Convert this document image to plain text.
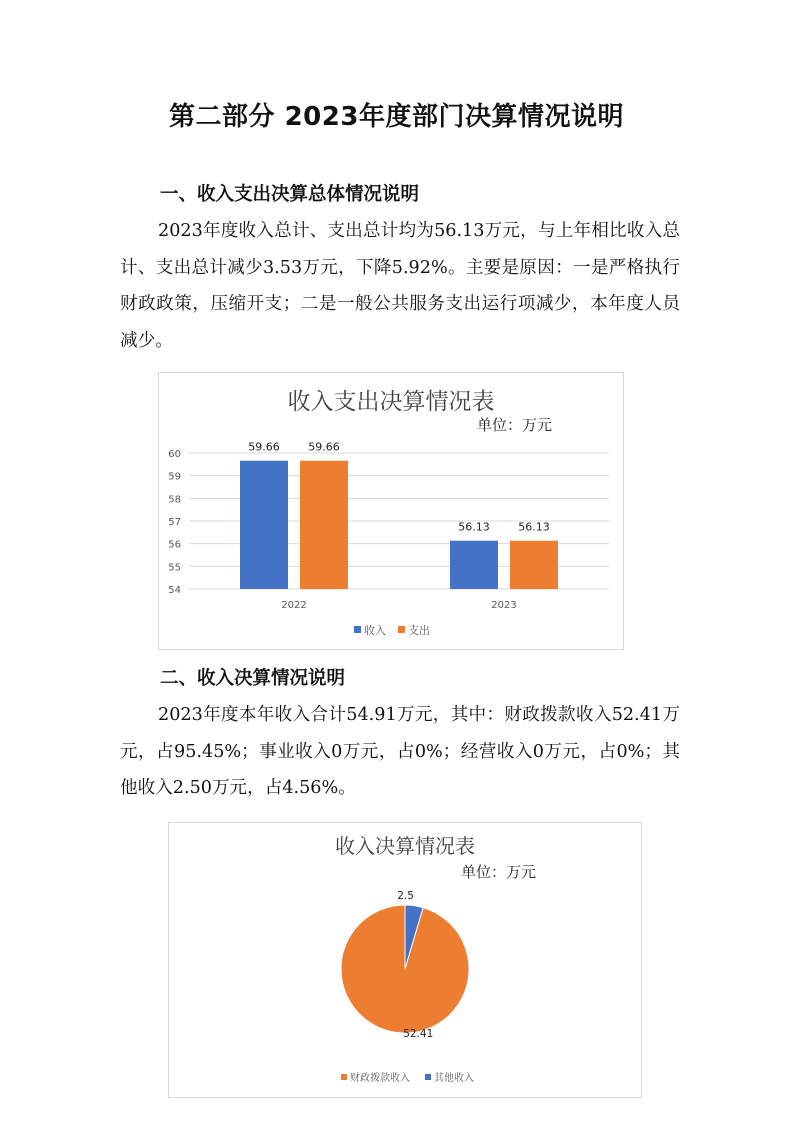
第二部分 2023年度部门决算情况说明
一、收入支出决算总体情况说明

2023年度收入总计、支出总计均为56.13万元，与上年相比收入总计、支出总计减少3.53万元，下降5.92%。主要是原因：一是严格执行财政政策，压缩开支；二是一般公共服务支出运行项减少，本年度人员减少。

收入支出决算情况表
单位：万元
54
55
56
57
58
59
60
59.66	59.66
56.13	56.13
2022	2023
收入 支出
二、收入决算情况说明

2023年度本年收入合计54.91万元，其中：财政拨款收入52.41万元，占95.45%；事业收入0万元，占0%；经营收入0万元，占0%；其他收入2.50万元，占4.56%。

收入决算情况表
单位：万元
52.41
2.5
财政拨款收入 其他收入
